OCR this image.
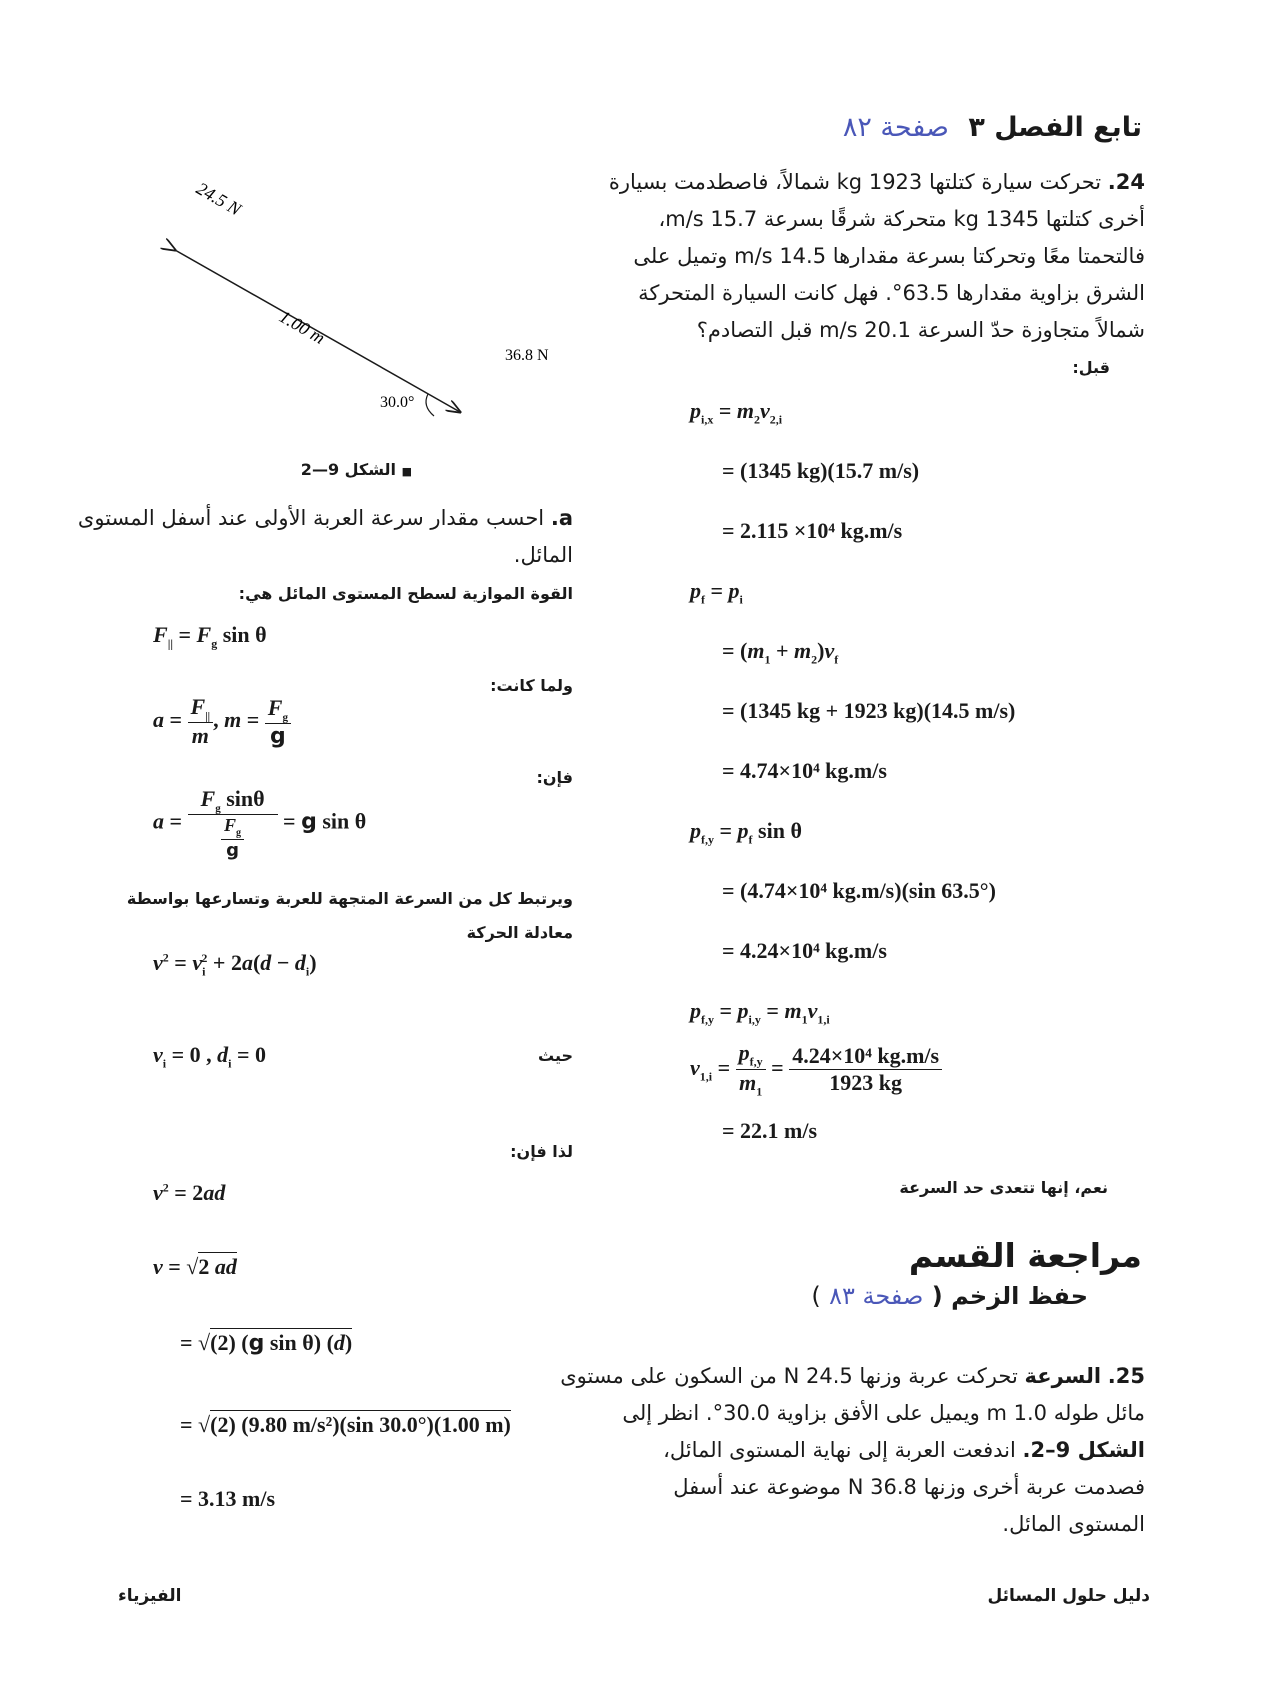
تابع الفصل ٣ صفحة ٨٢
24. تحركت سيارة كتلتها 1923 kg شمالاً، فاصطدمت بسيارة
أخرى كتلتها 1345 kg متحركة شرقًا بسرعة 15.7 m/s،
فالتحمتا معًا وتحركتا بسرعة مقدارها 14.5 m/s وتميل على
الشرق بزاوية مقدارها 63.5°. فهل كانت السيارة المتحركة
شمالاً متجاوزة حدّ السرعة 20.1 m/s قبل التصادم؟
قبل:
$p_{i,x} = m_2v_{2,i}$
= (1345 kg)(15.7 m/s)
= 2.115 ×10⁴ kg.m/s
$p_f = p_i$
= $(m_1 + m_2)v_f$
= (1345 kg + 1923 kg)(14.5 m/s)
= 4.74×10⁴ kg.m/s
$p_{f,y} = p_f$ sin θ
= (4.74×10⁴ kg.m/s)(sin 63.5°)
= 4.24×10⁴ kg.m/s
$p_{f,y} = p_{i,y} = m_1v_{1,i}$
$v_{1,i} = \frac{p_{f,y}}{m_1} = \frac{\text{4.24×10⁴ kg.m/s}}{1923 kg}$
= 22.1 m/s
نعم، إنها تتعدى حد السرعة
مراجعة القسم
حفظ الزخم ( صفحة ٨٣ )
25. السرعة تحركت عربة وزنها 24.5 N من السكون على مستوى
مائل طوله 1.0 m ويميل على الأفق بزاوية 30.0°. انظر إلى
الشكل 9–2. اندفعت العربة إلى نهاية المستوى المائل،
فصدمت عربة أخرى وزنها 36.8 N موضوعة عند أسفل
المستوى المائل.
24.5 N
1.00 m
30.0°
36.8 N
■ الشكل 9—2
a. احسب مقدار سرعة العربة الأولى عند أسفل المستوى
المائل.
القوة الموازية لسطح المستوى المائل هي:
$F_{||} = F_g$ sin θ
ولما كانت:
$a = \frac{F_{||}}{m}$ , $m = \frac{F_g}{g}$
فإن:
$a = \frac{F_g \sin\theta}{\frac{F_g}{g}} = g$ sin θ
ويرتبط كل من السرعة المتجهة للعربة وتسارعها بواسطة
معادلة الحركة
$v^2 = v_i^2 + 2a(d - d_i)$
$v_i = 0$ , $d_i = 0$	حيث
لذا فإن:
$v^2 = 2ad$
v = √2 ad
= √(2) (g sin θ) (d)
= √(2) (9.80 m/s²)(sin 30.0°)(1.00 m)
= 3.13 m/s
الفيزياء	دليل حلول المسائل
